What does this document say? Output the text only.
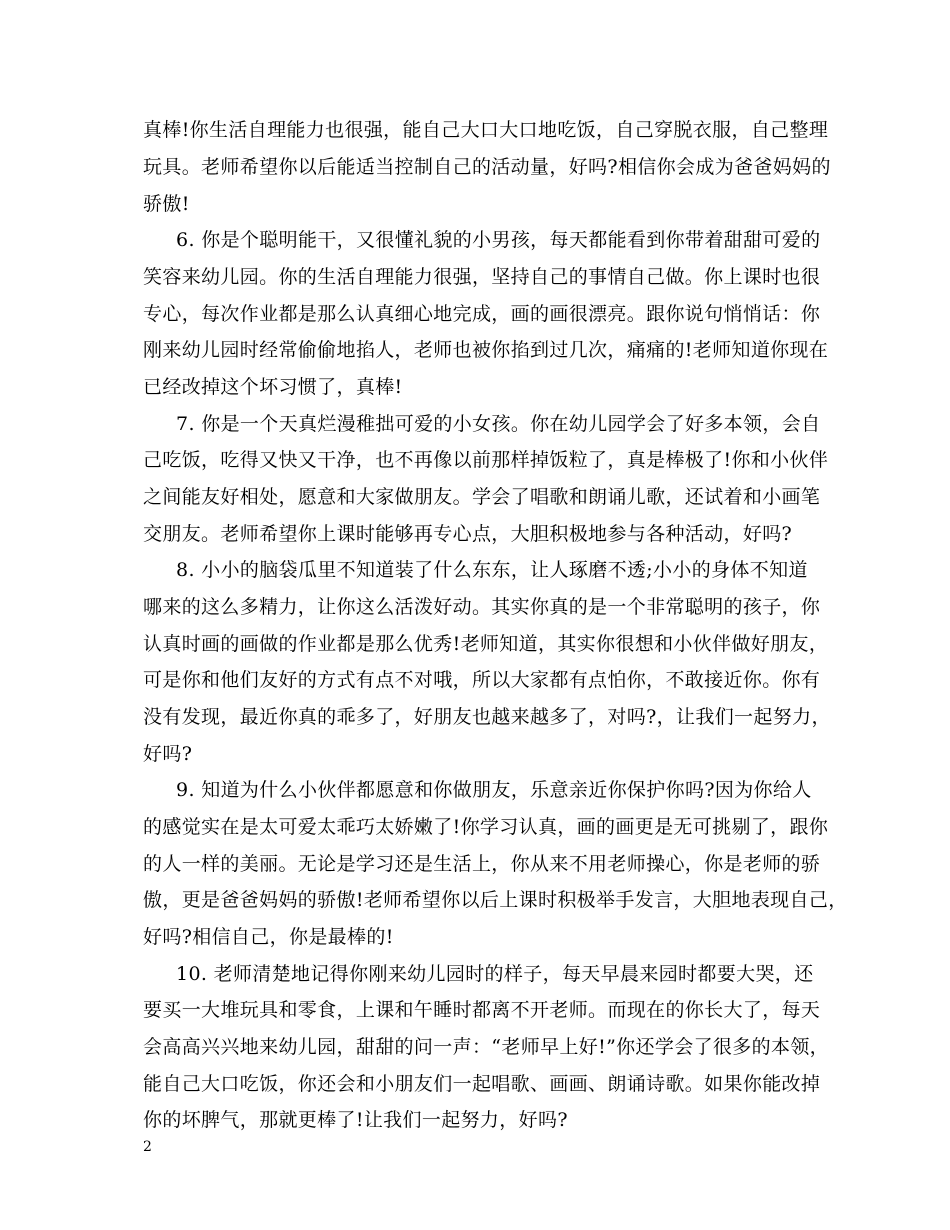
真棒!你生活自理能力也很强，能自己大口大口地吃饭，自己穿脱衣服，自己整理
玩具。老师希望你以后能适当控制自己的活动量，好吗?相信你会成为爸爸妈妈的
骄傲!
6. 你是个聪明能干，又很懂礼貌的小男孩，每天都能看到你带着甜甜可爱的
笑容来幼儿园。你的生活自理能力很强，坚持自己的事情自己做。你上课时也很
专心，每次作业都是那么认真细心地完成，画的画很漂亮。跟你说句悄悄话：你
刚来幼儿园时经常偷偷地掐人，老师也被你掐到过几次，痛痛的!老师知道你现在
已经改掉这个坏习惯了，真棒!
7. 你是一个天真烂漫稚拙可爱的小女孩。你在幼儿园学会了好多本领，会自
己吃饭，吃得又快又干净，也不再像以前那样掉饭粒了，真是棒极了!你和小伙伴
之间能友好相处，愿意和大家做朋友。学会了唱歌和朗诵儿歌，还试着和小画笔
交朋友。老师希望你上课时能够再专心点，大胆积极地参与各种活动，好吗?
8. 小小的脑袋瓜里不知道装了什么东东，让人琢磨不透;小小的身体不知道
哪来的这么多精力，让你这么活泼好动。其实你真的是一个非常聪明的孩子，你
认真时画的画做的作业都是那么优秀!老师知道，其实你很想和小伙伴做好朋友，
可是你和他们友好的方式有点不对哦，所以大家都有点怕你，不敢接近你。你有
没有发现，最近你真的乖多了，好朋友也越来越多了，对吗?，让我们一起努力，
好吗?
9. 知道为什么小伙伴都愿意和你做朋友，乐意亲近你保护你吗?因为你给人
的感觉实在是太可爱太乖巧太娇嫩了!你学习认真，画的画更是无可挑剔了，跟你
的人一样的美丽。无论是学习还是生活上，你从来不用老师操心，你是老师的骄
傲，更是爸爸妈妈的骄傲!老师希望你以后上课时积极举手发言，大胆地表现自己，
好吗?相信自己，你是最棒的!
10. 老师清楚地记得你刚来幼儿园时的样子，每天早晨来园时都要大哭，还
要买一大堆玩具和零食，上课和午睡时都离不开老师。而现在的你长大了，每天
会高高兴兴地来幼儿园，甜甜的问一声：“老师早上好!”你还学会了很多的本领，
能自己大口吃饭，你还会和小朋友们一起唱歌、画画、朗诵诗歌。如果你能改掉
你的坏脾气，那就更棒了!让我们一起努力，好吗?
2
